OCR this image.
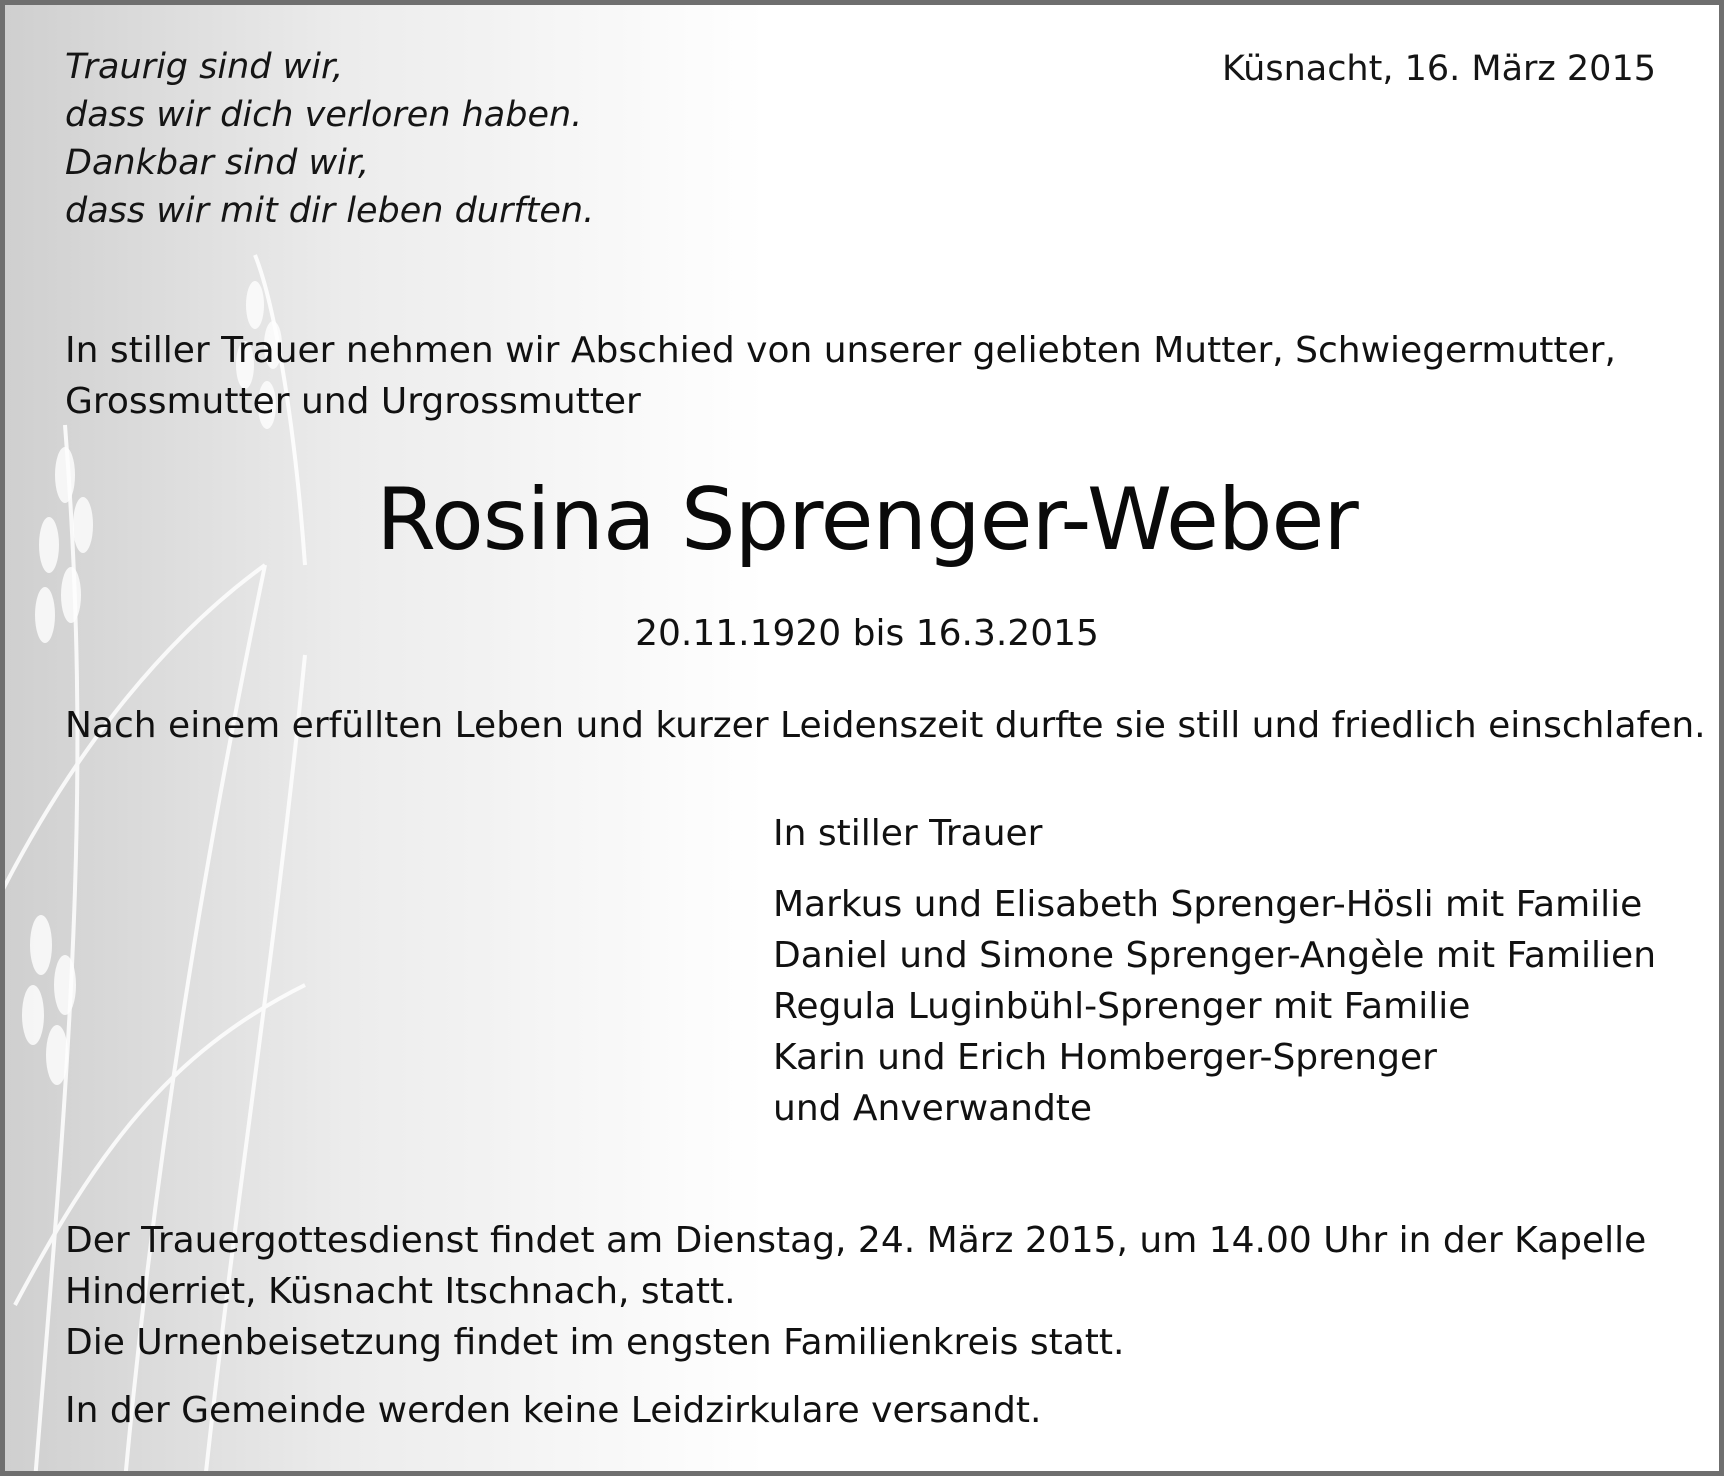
Traurig sind wir,
dass wir dich verloren haben.
Dankbar sind wir,
dass wir mit dir leben durften.

Küsnacht, 16. März 2015

In stiller Trauer nehmen wir Abschied von unserer geliebten Mutter, Schwiegermutter,
Grossmutter und Urgrossmutter
Rosina Sprenger-Weber

20.11.1920 bis 16.3.2015

Nach einem erfüllten Leben und kurzer Leidenszeit durfte sie still und friedlich einschlafen.

In stiller Trauer

Markus und Elisabeth Sprenger-Hösli mit Familie
Daniel und Simone Sprenger-Angèle mit Familien
Regula Luginbühl-Sprenger mit Familie
Karin und Erich Homberger-Sprenger
und Anverwandte
Der Trauergottesdienst findet am Dienstag, 24. März 2015, um 14.00 Uhr in der Kapelle
Hinderriet, Küsnacht Itschnach, statt.
Die Urnenbeisetzung findet im engsten Familienkreis statt.

In der Gemeinde werden keine Leidzirkulare versandt.
